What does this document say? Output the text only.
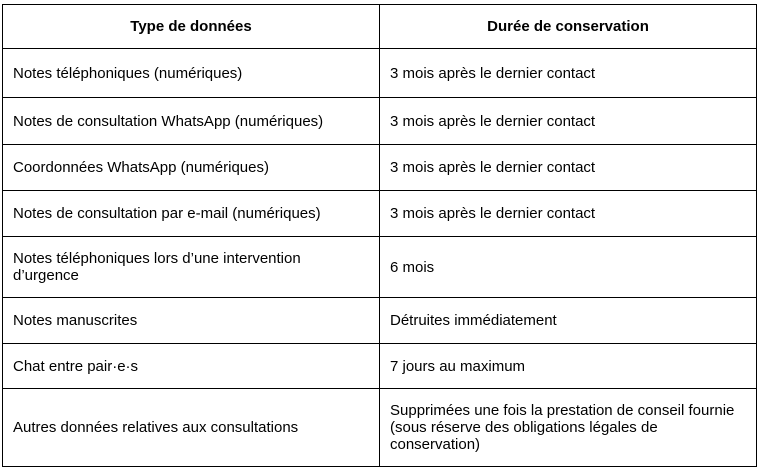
Type de données	Durée de conservation
Notes téléphoniques (numériques)	3 mois après le dernier contact
Notes de consultation WhatsApp (numériques)	3 mois après le dernier contact
Coordonnées WhatsApp (numériques)	3 mois après le dernier contact
Notes de consultation par e-mail (numériques)	3 mois après le dernier contact
Notes téléphoniques lors d’une intervention d’urgence	6 mois
Notes manuscrites	Détruites immédiatement
Chat entre pair·e·s	7 jours au maximum
Autres données relatives aux consultations	Supprimées une fois la prestation de conseil fournie (sous réserve des obligations légales de conservation)
